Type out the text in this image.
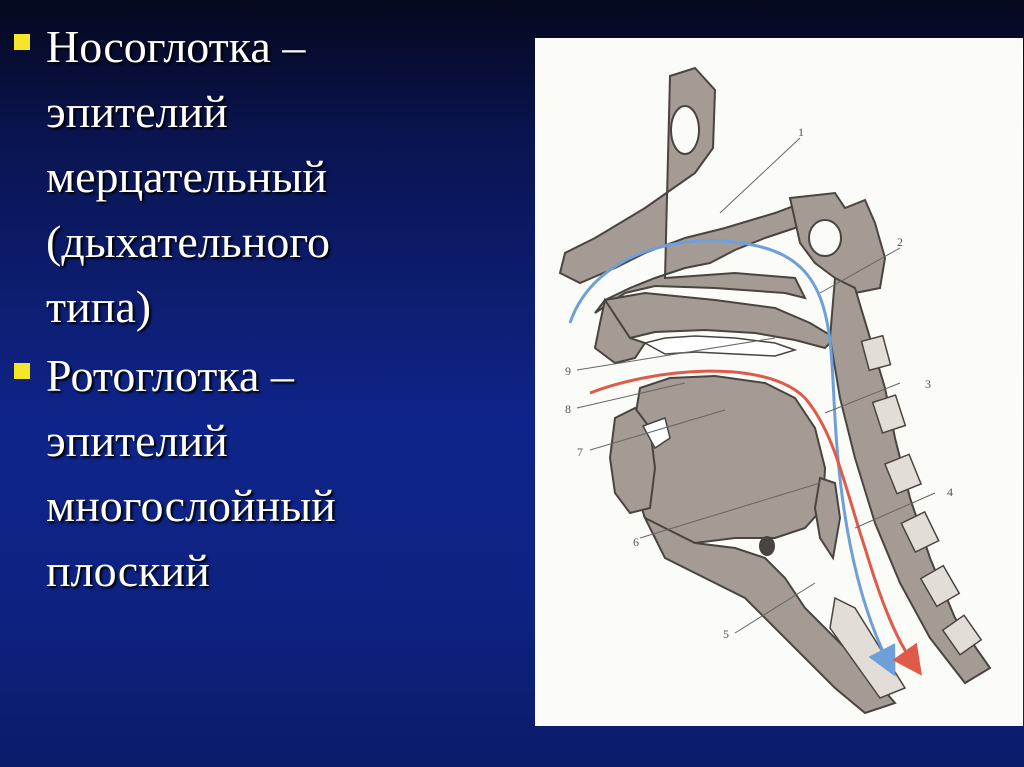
Носоглотка –
эпителий
мерцательный
(дыхательного
типа)
Ротоглотка –
эпителий
многослойный
плоский
1
2
3
4
5
6
7
8
9
